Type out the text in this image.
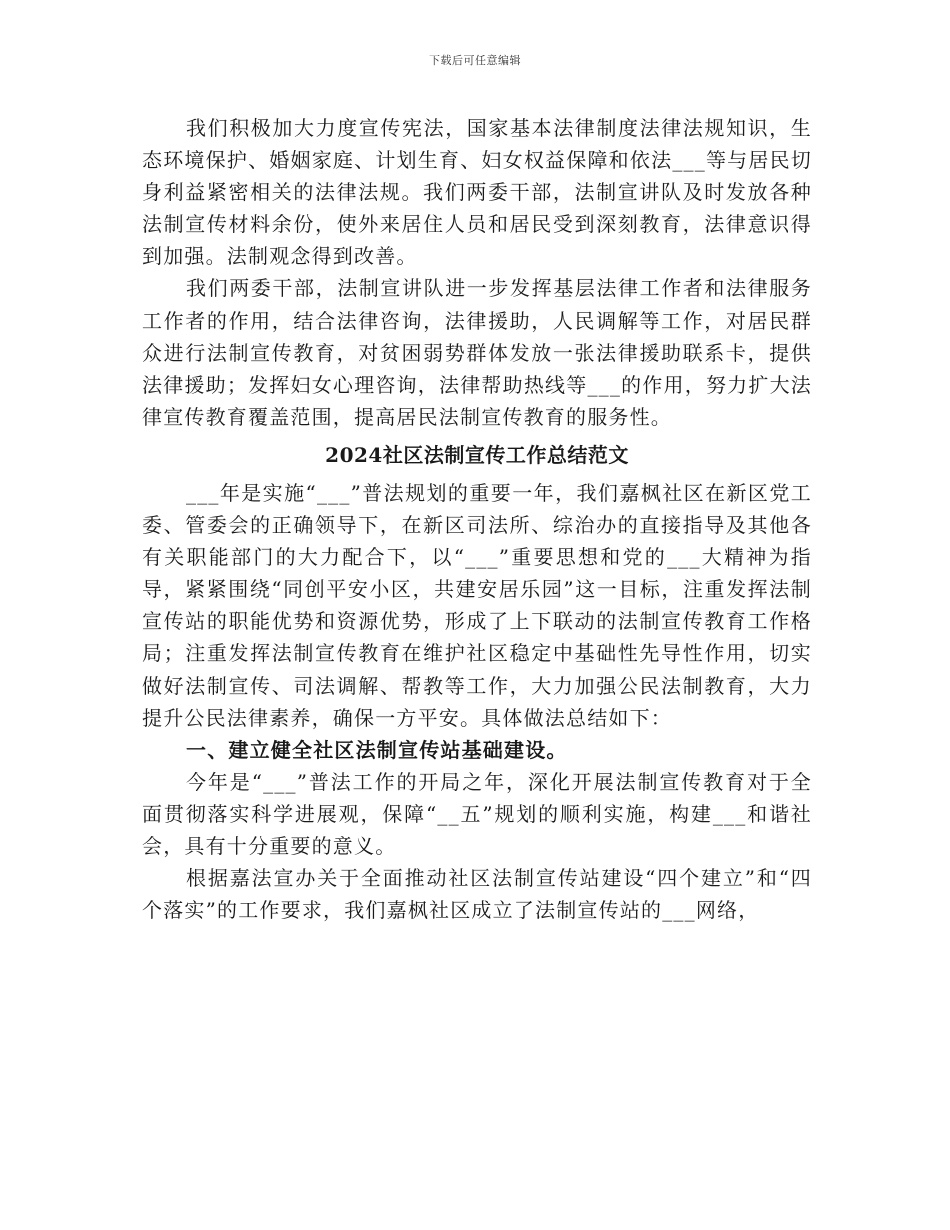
下载后可任意编辑

我们积极加大力度宣传宪法，国家基本法律制度法律法规知识，生态环境保护、婚姻家庭、计划生育、妇女权益保障和依法___等与居民切身利益紧密相关的法律法规。我们两委干部，法制宣讲队及时发放各种法制宣传材料余份，使外来居住人员和居民受到深刻教育，法律意识得到加强。法制观念得到改善。

我们两委干部，法制宣讲队进一步发挥基层法律工作者和法律服务工作者的作用，结合法律咨询，法律援助，人民调解等工作，对居民群众进行法制宣传教育，对贫困弱势群体发放一张法律援助联系卡，提供法律援助；发挥妇女心理咨询，法律帮助热线等___的作用，努力扩大法律宣传教育覆盖范围，提高居民法制宣传教育的服务性。

2024社区法制宣传工作总结范文

___年是实施“___”普法规划的重要一年，我们嘉枫社区在新区党工委、管委会的正确领导下，在新区司法所、综治办的直接指导及其他各有关职能部门的大力配合下，以“___”重要思想和党的___大精神为指导，紧紧围绕“同创平安小区，共建安居乐园”这一目标，注重发挥法制宣传站的职能优势和资源优势，形成了上下联动的法制宣传教育工作格局；注重发挥法制宣传教育在维护社区稳定中基础性先导性作用，切实做好法制宣传、司法调解、帮教等工作，大力加强公民法制教育，大力提升公民法律素养，确保一方平安。具体做法总结如下：

一、建立健全社区法制宣传站基础建设。

今年是“___”普法工作的开局之年，深化开展法制宣传教育对于全面贯彻落实科学进展观，保障“__五”规划的顺利实施，构建___和谐社会，具有十分重要的意义。

根据嘉法宣办关于全面推动社区法制宣传站建设“四个建立”和“四个落实”的工作要求，我们嘉枫社区成立了法制宣传站的___网络，
